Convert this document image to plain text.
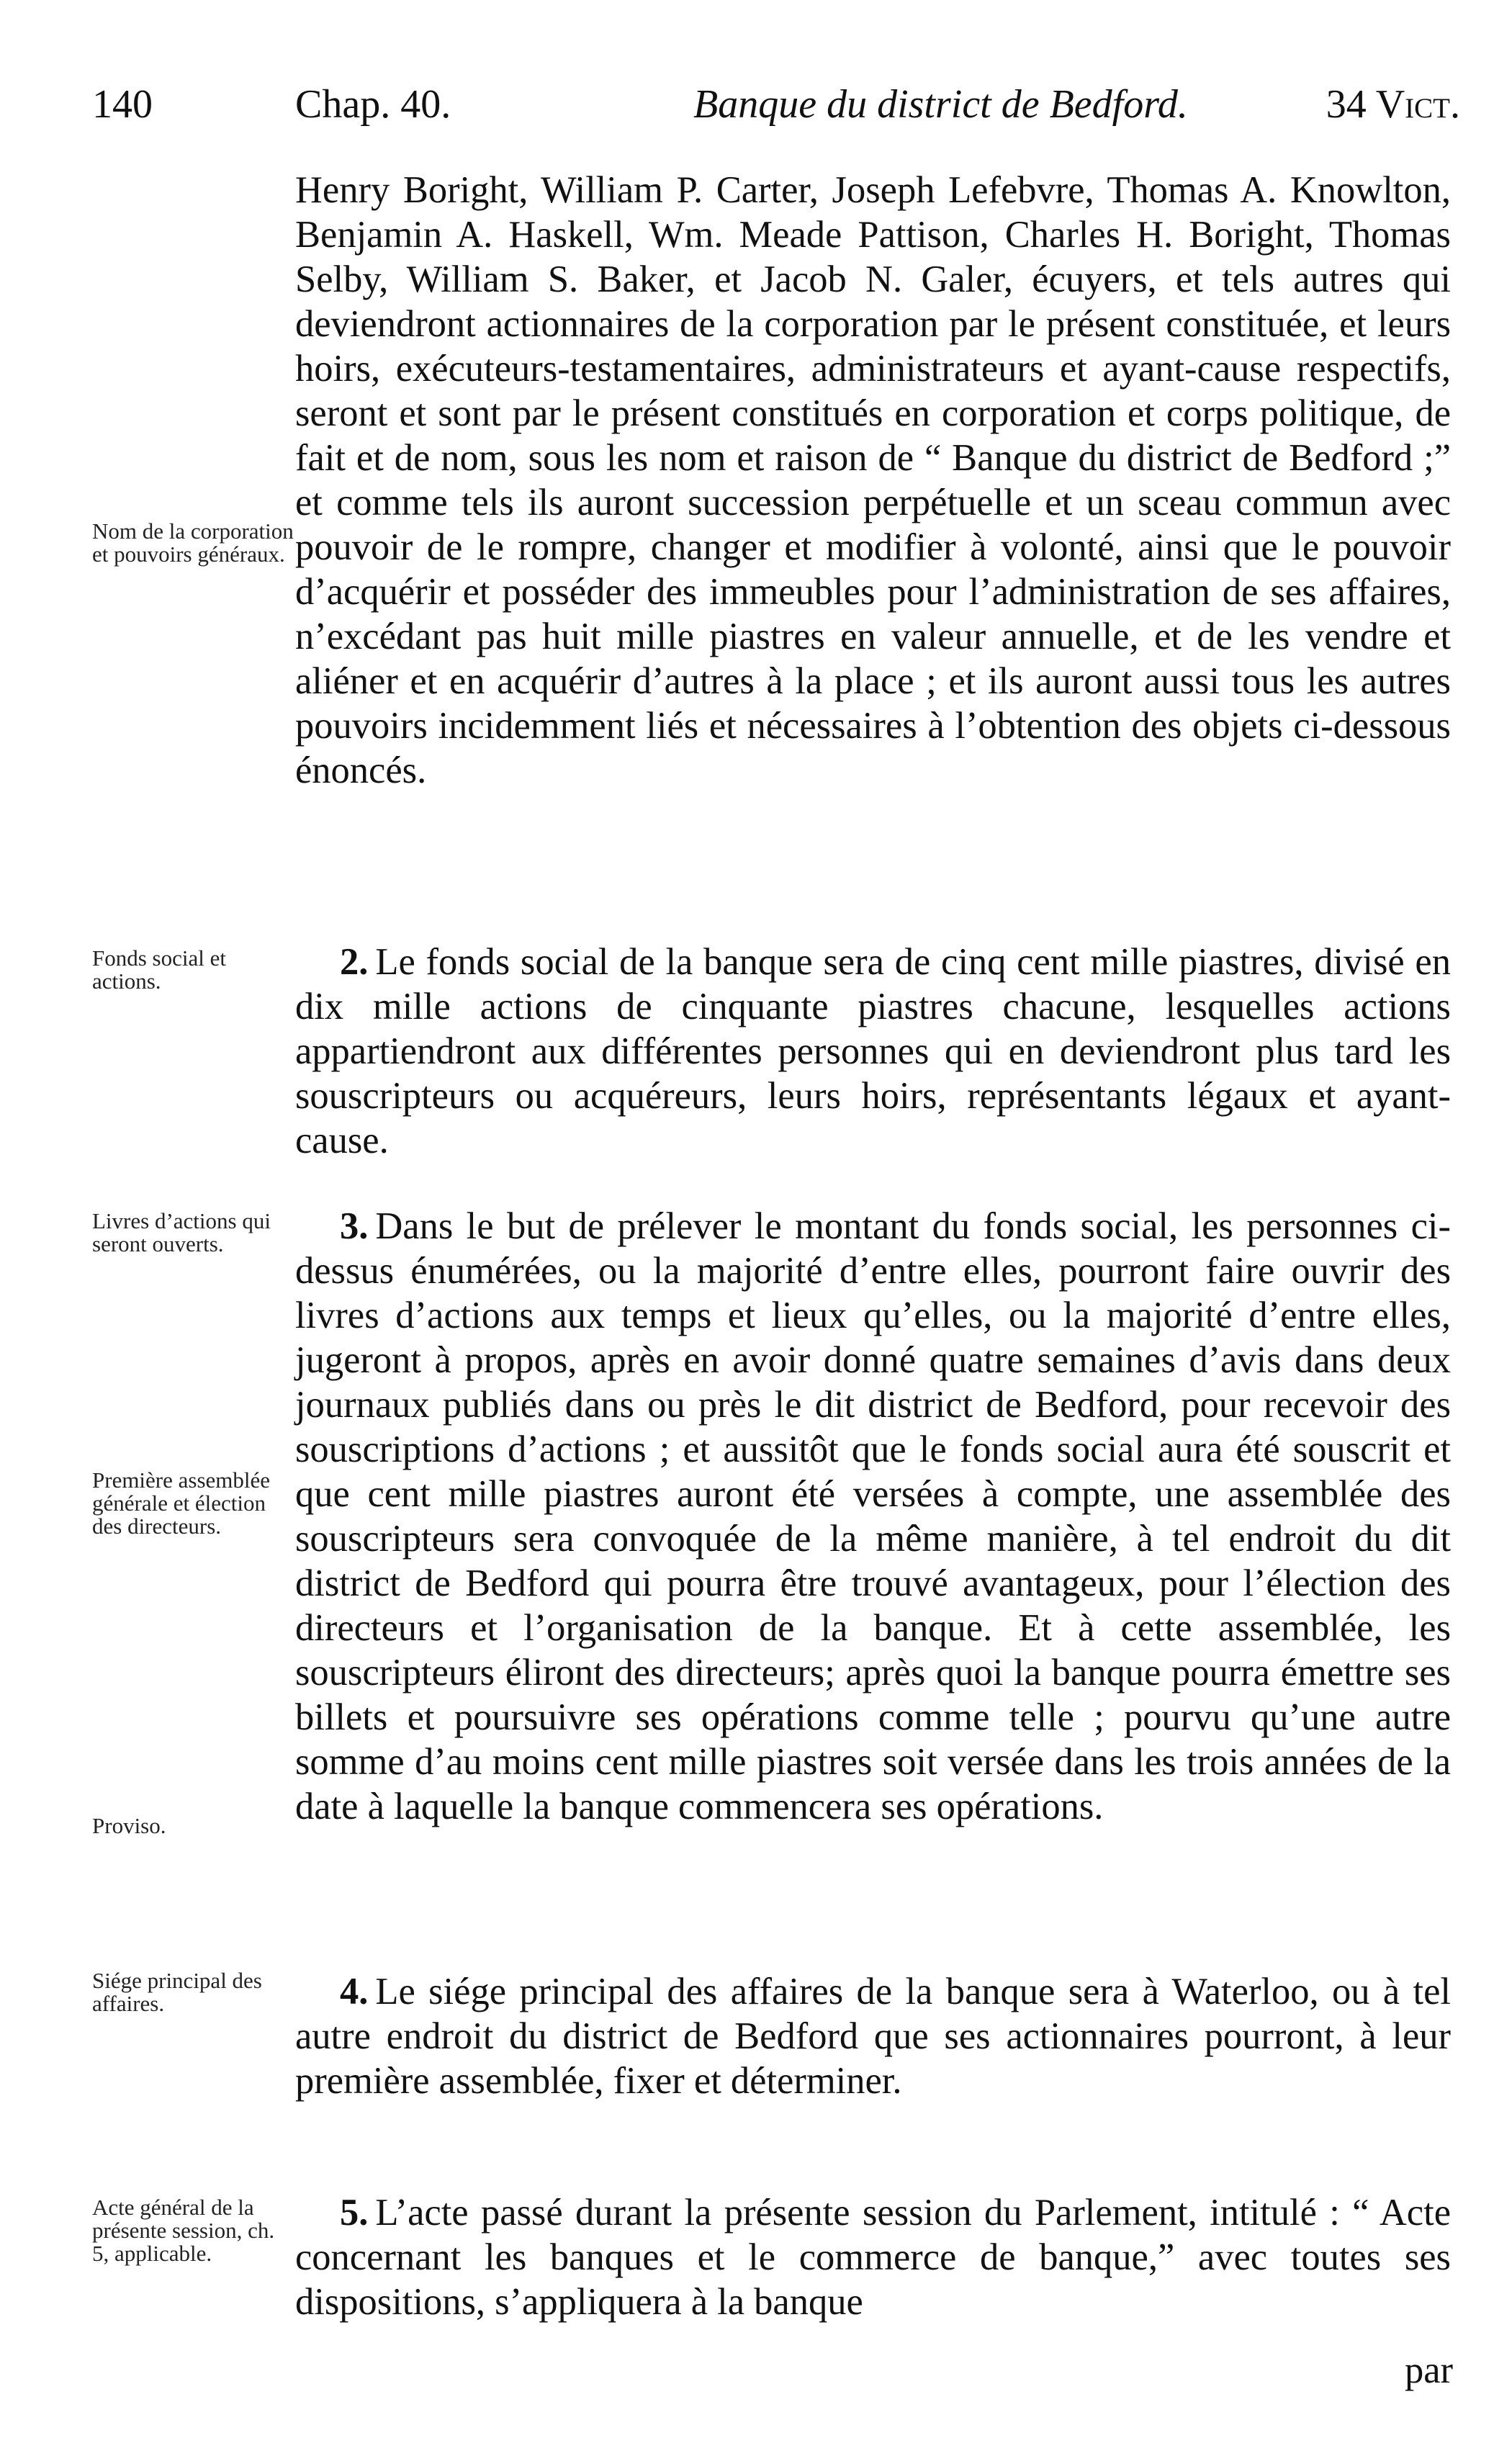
140	Chap. 40.	Banque du district de Bedford.	34 Vict.

Henry Boright, William P. Carter, Joseph Lefebvre, Thomas A. Knowlton, Benjamin A. Haskell, Wm. Meade Pattison, Charles H. Boright, Thomas Selby, William S. Baker, et Jacob N. Galer, écuyers, et tels autres qui deviendront actionnaires de la corporation par le présent constituée, et leurs hoirs, exécuteurs-testamentaires, administrateurs et ayant-cause respectifs, seront et sont par le présent constitués en corporation et corps politique, de fait et de nom, sous les nom et raison de “ Banque du district de Bedford ;” et comme tels ils auront succession perpétuelle et un sceau commun avec pouvoir de le rompre, changer et modifier à volonté, ainsi que le pouvoir d’acquérir et posséder des immeubles pour l’administration de ses affaires, n’excédant pas huit mille piastres en valeur annuelle, et de les vendre et aliéner et en acquérir d’autres à la place ; et ils auront aussi tous les autres pouvoirs incidemment liés et nécessaires à l’obtention des objets ci-dessous énoncés.

2. Le fonds social de la banque sera de cinq cent mille piastres, divisé en dix mille actions de cinquante piastres chacune, lesquelles actions appartiendront aux différentes personnes qui en deviendront plus tard les souscripteurs ou acquéreurs, leurs hoirs, représentants légaux et ayant-cause.

3. Dans le but de prélever le montant du fonds social, les personnes ci-dessus énumérées, ou la majorité d’entre elles, pourront faire ouvrir des livres d’actions aux temps et lieux qu’elles, ou la majorité d’entre elles, jugeront à propos, après en avoir donné quatre semaines d’avis dans deux journaux publiés dans ou près le dit district de Bedford, pour recevoir des souscriptions d’actions ; et aussitôt que le fonds social aura été souscrit et que cent mille piastres auront été versées à compte, une assemblée des souscripteurs sera convoquée de la même manière, à tel endroit du dit district de Bedford qui pourra être trouvé avantageux, pour l’élection des directeurs et l’organisation de la banque. Et à cette assemblée, les souscripteurs éliront des directeurs; après quoi la banque pourra émettre ses billets et poursuivre ses opérations comme telle ; pourvu qu’une autre somme d’au moins cent mille piastres soit versée dans les trois années de la date à laquelle la banque commencera ses opérations.

4. Le siége principal des affaires de la banque sera à Waterloo, ou à tel autre endroit du district de Bedford que ses actionnaires pourront, à leur première assemblée, fixer et déterminer.

5. L’acte passé durant la présente session du Parlement, intitulé : “ Acte concernant les banques et le commerce de banque,” avec toutes ses dispositions, s’appliquera à la banque

par
Nom de la corporation et pouvoirs généraux.
Fonds social et actions.
Livres d’actions qui seront ouverts.
Première assemblée générale et élection des directeurs.
Proviso.
Siége principal des affaires.
Acte général de la présente session, ch. 5, applicable.
